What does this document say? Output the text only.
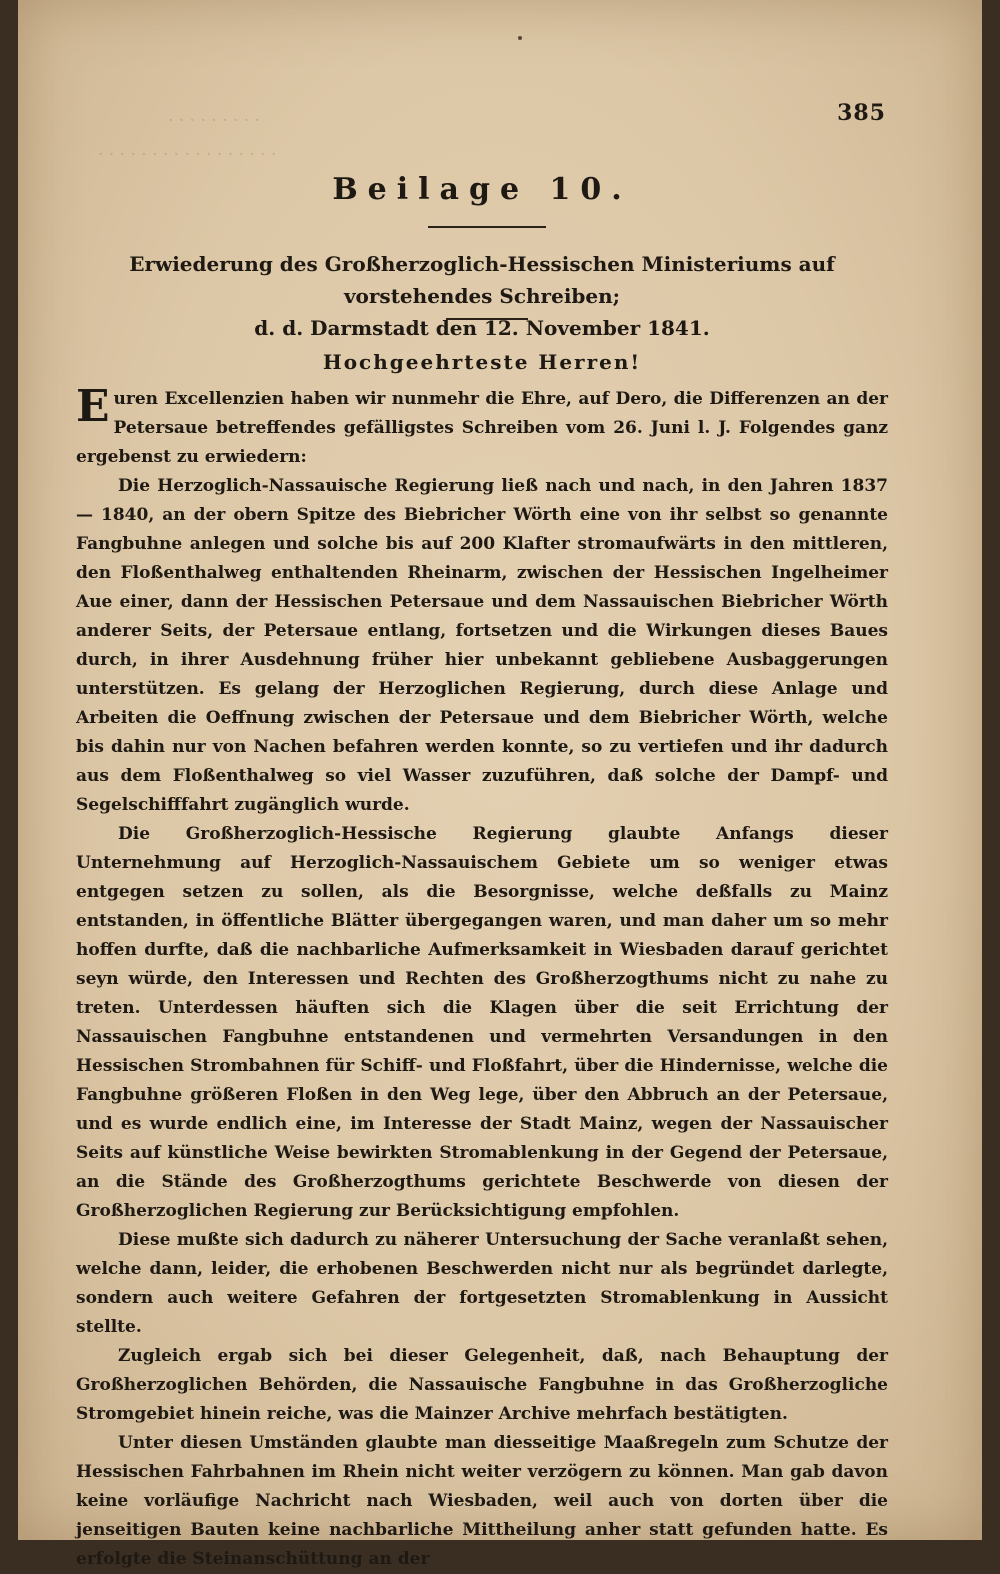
. . . . . . . . .
. . . . . . . . . . . . . . . . .
385
Beilage 10.
Erwiederung des Großherzoglich-Hessischen Ministeriums auf vorstehendes Schreiben;
d. d. Darmstadt den 12. November 1841.
Hochgeehrteste Herren!

Euren Excellenzien haben wir nunmehr die Ehre, auf Dero, die Differenzen an der Petersaue betreffendes gefälligstes Schreiben vom 26. Juni l. J. Folgendes ganz ergebenst zu erwiedern:

Die Herzoglich-Nassauische Regierung ließ nach und nach, in den Jahren 1837 — 1840, an der obern Spitze des Biebricher Wörth eine von ihr selbst so genannte Fangbuhne anlegen und solche bis auf 200 Klafter stromaufwärts in den mittleren, den Floßenthalweg enthaltenden Rheinarm, zwischen der Hessischen Ingelheimer Aue einer, dann der Hessischen Petersaue und dem Nassauischen Biebricher Wörth anderer Seits, der Petersaue entlang, fortsetzen und die Wirkungen dieses Baues durch, in ihrer Ausdehnung früher hier unbekannt gebliebene Ausbaggerungen unterstützen. Es gelang der Herzoglichen Regierung, durch diese Anlage und Arbeiten die Oeffnung zwischen der Petersaue und dem Biebricher Wörth, welche bis dahin nur von Nachen befahren werden konnte, so zu vertiefen und ihr dadurch aus dem Floßenthalweg so viel Wasser zuzuführen, daß solche der Dampf- und Segelschifffahrt zugänglich wurde.

Die Großherzoglich-Hessische Regierung glaubte Anfangs dieser Unternehmung auf Herzoglich-Nassauischem Gebiete um so weniger etwas entgegen setzen zu sollen, als die Besorgnisse, welche deßfalls zu Mainz entstanden, in öffentliche Blätter übergegangen waren, und man daher um so mehr hoffen durfte, daß die nachbarliche Aufmerksamkeit in Wiesbaden darauf gerichtet seyn würde, den Interessen und Rechten des Großherzogthums nicht zu nahe zu treten. Unterdessen häuften sich die Klagen über die seit Errichtung der Nassauischen Fangbuhne entstandenen und vermehrten Versandungen in den Hessischen Strombahnen für Schiff- und Floßfahrt, über die Hindernisse, welche die Fangbuhne größeren Floßen in den Weg lege, über den Abbruch an der Petersaue, und es wurde endlich eine, im Interesse der Stadt Mainz, wegen der Nassauischer Seits auf künstliche Weise bewirkten Stromablenkung in der Gegend der Petersaue, an die Stände des Großherzogthums gerichtete Beschwerde von diesen der Großherzoglichen Regierung zur Berücksichtigung empfohlen.

Diese mußte sich dadurch zu näherer Untersuchung der Sache veranlaßt sehen, welche dann, leider, die erhobenen Beschwerden nicht nur als begründet darlegte, sondern auch weitere Gefahren der fortgesetzten Stromablenkung in Aussicht stellte.

Zugleich ergab sich bei dieser Gelegenheit, daß, nach Behauptung der Großherzoglichen Behörden, die Nassauische Fangbuhne in das Großherzogliche Stromgebiet hinein reiche, was die Mainzer Archive mehrfach bestätigten.

Unter diesen Umständen glaubte man diesseitige Maaßregeln zum Schutze der Hessischen Fahrbahnen im Rhein nicht weiter verzögern zu können. Man gab davon keine vorläufige Nachricht nach Wiesbaden, weil auch von dorten über die jenseitigen Bauten keine nachbarliche Mittheilung anher statt gefunden hatte. Es erfolgte die Steinanschüttung an der
